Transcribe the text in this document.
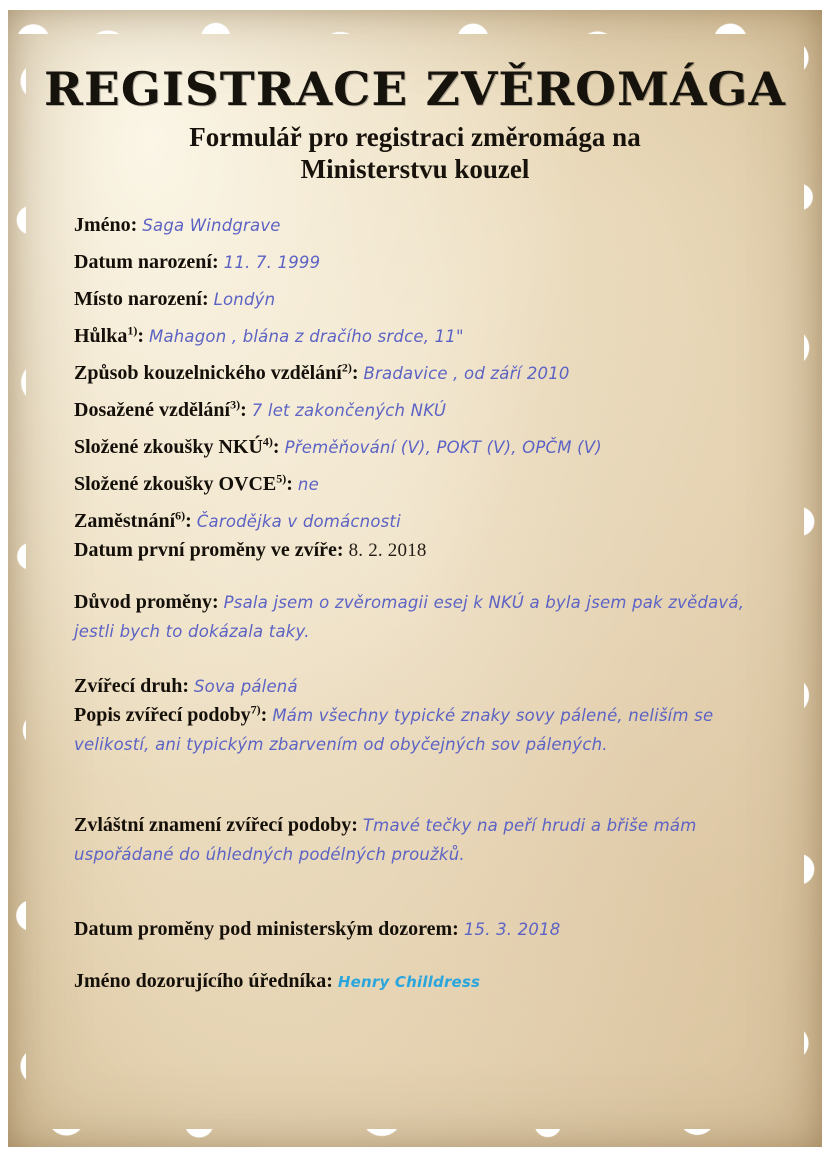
REGISTRACE ZVĚROMÁGA
Formulář pro registraci změromága na Ministerstvu kouzel
Jméno: Saga Windgrave
Datum narození: 11. 7. 1999
Místo narození: Londýn
Hůlka$^{1)}$: Mahagon , blána z dračího srdce, 11"
Způsob kouzelnického vzdělání$^{2)}$: Bradavice , od září 2010
Dosažené vzdělání$^{3)}$: 7 let zakončených NKÚ
Složené zkoušky NKÚ$^{4)}$: Přeměňování (V), POKT (V), OPČM (V)
Složené zkoušky OVCE$^{5)}$: ne
Zaměstnání$^{6)}$: Čarodějka v domácnosti
Datum první proměny ve zvíře: 8. 2. 2018
Důvod proměny: Psala jsem o zvěromagii esej k NKÚ a byla jsem pak zvědavá, jestli bych to dokázala taky.
Zvířecí druh: Sova pálená
Popis zvířecí podoby$^{7)}$: Mám všechny typické znaky sovy pálené, neliším se velikostí, ani typickým zbarvením od obyčejných sov pálených.
Zvláštní znamení zvířecí podoby: Tmavé tečky na peří hrudi a břiše mám uspořádané do úhledných podélných proužků.
Datum proměny pod ministerským dozorem: 15. 3. 2018
Jméno dozorujícího úředníka: Henry Chilldress
